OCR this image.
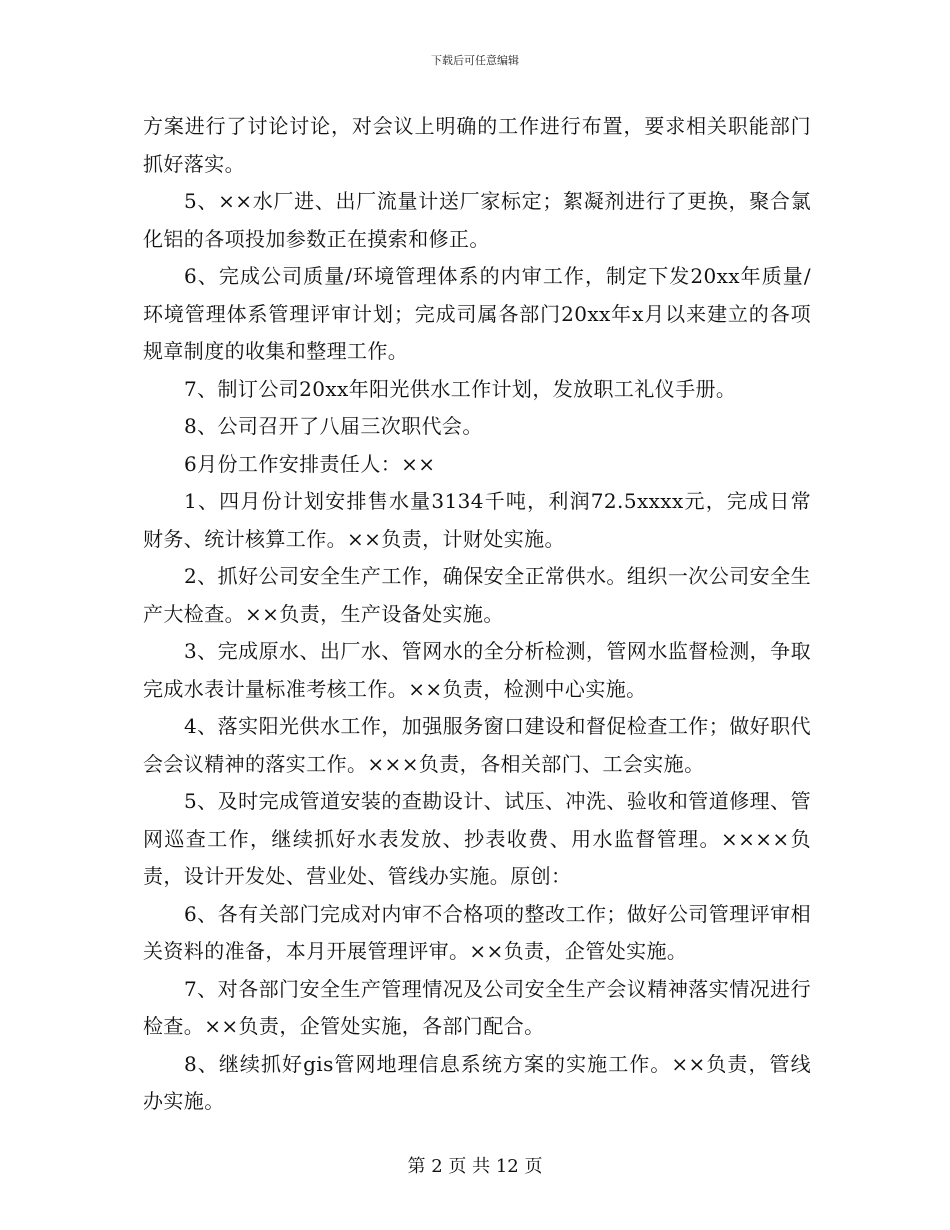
下载后可任意编辑

方案进行了讨论讨论，对会议上明确的工作进行布置，要求相关职能部门抓好落实。

5、××水厂进、出厂流量计送厂家标定；絮凝剂进行了更换，聚合氯化铝的各项投加参数正在摸索和修正。

6、完成公司质量/环境管理体系的内审工作，制定下发20xx年质量/环境管理体系管理评审计划；完成司属各部门20xx年x月以来建立的各项规章制度的收集和整理工作。

7、制订公司20xx年阳光供水工作计划，发放职工礼仪手册。

8、公司召开了八届三次职代会。

6月份工作安排责任人：××

1、四月份计划安排售水量3134千吨，利润72.5xxxx元，完成日常财务、统计核算工作。××负责，计财处实施。

2、抓好公司安全生产工作，确保安全正常供水。组织一次公司安全生产大检查。××负责，生产设备处实施。

3、完成原水、出厂水、管网水的全分析检测，管网水监督检测，争取完成水表计量标准考核工作。××负责，检测中心实施。

4、落实阳光供水工作，加强服务窗口建设和督促检查工作；做好职代会会议精神的落实工作。×××负责，各相关部门、工会实施。

5、及时完成管道安装的查勘设计、试压、冲洗、验收和管道修理、管网巡查工作，继续抓好水表发放、抄表收费、用水监督管理。××××负责，设计开发处、营业处、管线办实施。原创：

6、各有关部门完成对内审不合格项的整改工作；做好公司管理评审相关资料的准备，本月开展管理评审。××负责，企管处实施。

7、对各部门安全生产管理情况及公司安全生产会议精神落实情况进行检查。××负责，企管处实施，各部门配合。

8、继续抓好gis管网地理信息系统方案的实施工作。××负责，管线办实施。

第 2 页 共 12 页
